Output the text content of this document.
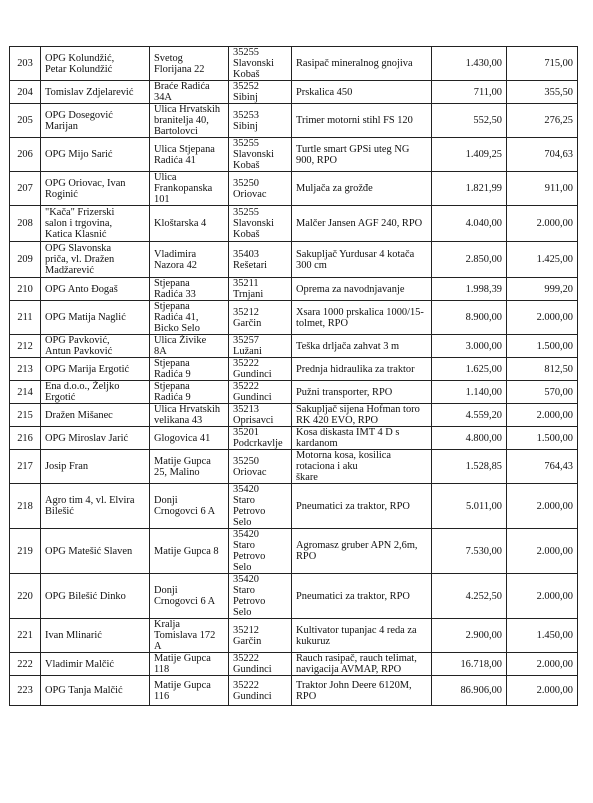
203	OPG Kolundžić,
Petar Kolundžić	Svetog
Florijana 22	35255
Slavonski
Kobaš	Rasipač mineralnog gnojiva	1.430,00	715,00

204	Tomislav Zdjelarević	Braće Radića
34A	35252
Sibinj	Prskalica 450	711,00	355,50

205	OPG Dosegović
Marijan	Ulica Hrvatskih
branitelja 40,
Bartolovci	35253
Sibinj	Trimer motorni stihl FS 120	552,50	276,25

206	OPG Mijo Sarić	Ulica Stjepana
Radića 41	35255
Slavonski
Kobaš	Turtle smart GPSi uteg NG
900, RPO	1.409,25	704,63

207	OPG Oriovac, Ivan
Roginić	Ulica
Frankopanska
101	35250
Oriovac	Muljača za grožđe	1.821,99	911,00

208	"Kača" Frizerski
salon i trgovina,
Katica Klasnić	Kloštarska 4	35255
Slavonski
Kobaš	Malčer Jansen AGF 240, RPO	4.040,00	2.000,00

209	OPG Slavonska
priča, vl. Dražen
Madžarević	Vladimira
Nazora 42	35403
Rešetari	Sakupljač Yurdusar 4 kotača
300 cm	2.850,00	1.425,00

210	OPG Anto Đogaš	Stjepana
Radića 33	35211
Trnjani	Oprema za navodnjavanje	1.998,39	999,20

211	OPG Matija Naglić	Stjepana
Radića 41,
Bicko Selo	35212
Garčin	Xsara 1000 prskalica 1000/15-
tolmet, RPO	8.900,00	2.000,00

212	OPG Pavković,
Antun Pavković	Ulica Živike
8A	35257
Lužani	Teška drljača zahvat 3 m	3.000,00	1.500,00

213	OPG Marija Ergotić	Stjepana
Radića 9	35222
Gundinci	Prednja hidraulika za traktor	1.625,00	812,50

214	Ena d.o.o., Željko
Ergotić	Stjepana
Radića 9	35222
Gundinci	Pužni transporter, RPO	1.140,00	570,00

215	Dražen Mišanec	Ulica Hrvatskih
velikana 43	35213
Oprisavci	Sakupljač sijena Hofman toro
RK 420 EVO, RPO	4.559,20	2.000,00

216	OPG Miroslav Jarić	Glogovica 41	35201
Podcrkavlje	Kosa diskasta IMT 4 D s
kardanom	4.800,00	1.500,00

217	Josip Fran	Matije Gupca
25, Malino	35250
Oriovac	Motorna kosa, kosilica
rotaciona i aku
škare	1.528,85	764,43

218	Agro tim 4, vl. Elvira
Bilešić	Donji
Crnogovci 6 A	35420
Staro
Petrovo
Selo	Pneumatici za traktor, RPO	5.011,00	2.000,00

219	OPG Matešić Slaven	Matije Gupca 8	35420
Staro
Petrovo
Selo	Agromasz gruber APN 2,6m,
RPO	7.530,00	2.000,00

220	OPG Bilešić Dinko	Donji
Crnogovci 6 A	35420
Staro
Petrovo
Selo	Pneumatici za traktor, RPO	4.252,50	2.000,00

221	Ivan Mlinarić	Kralja
Tomislava 172
A	35212
Garčin	Kultivator tupanjac 4 reda za
kukuruz	2.900,00	1.450,00

222	Vladimir Malčić	Matije Gupca
118	35222
Gundinci	Rauch rasipač, rauch telimat,
navigacija AVMAP, RPO	16.718,00	2.000,00

223	OPG Tanja Malčić	Matije Gupca
116	35222
Gundinci	Traktor John Deere 6120M,
RPO	86.906,00	2.000,00
